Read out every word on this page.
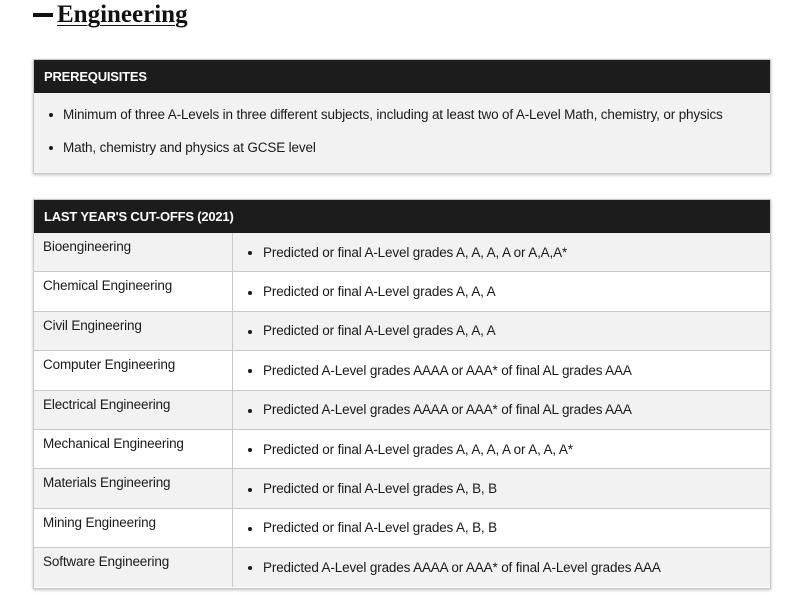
Engineering
PREREQUISITES
Minimum of three A-Levels in three different subjects, including at least two of A-Level Math, chemistry, or physics
Math, chemistry and physics at GCSE level
LAST YEAR'S CUT-OFFS (2021)
Bioengineering	Predicted or final A-Level grades A, A, A, A or A,A,A*
Chemical Engineering	Predicted or final A-Level grades A, A, A
Civil Engineering	Predicted or final A-Level grades A, A, A
Computer Engineering	Predicted A-Level grades AAAA or AAA* of final AL grades AAA
Electrical Engineering	Predicted A-Level grades AAAA or AAA* of final AL grades AAA
Mechanical Engineering	Predicted or final A-Level grades A, A, A, A or A, A, A*
Materials Engineering	Predicted or final A-Level grades A, B, B
Mining Engineering	Predicted or final A-Level grades A, B, B
Software Engineering	Predicted A-Level grades AAAA or AAA* of final A-Level grades AAA
